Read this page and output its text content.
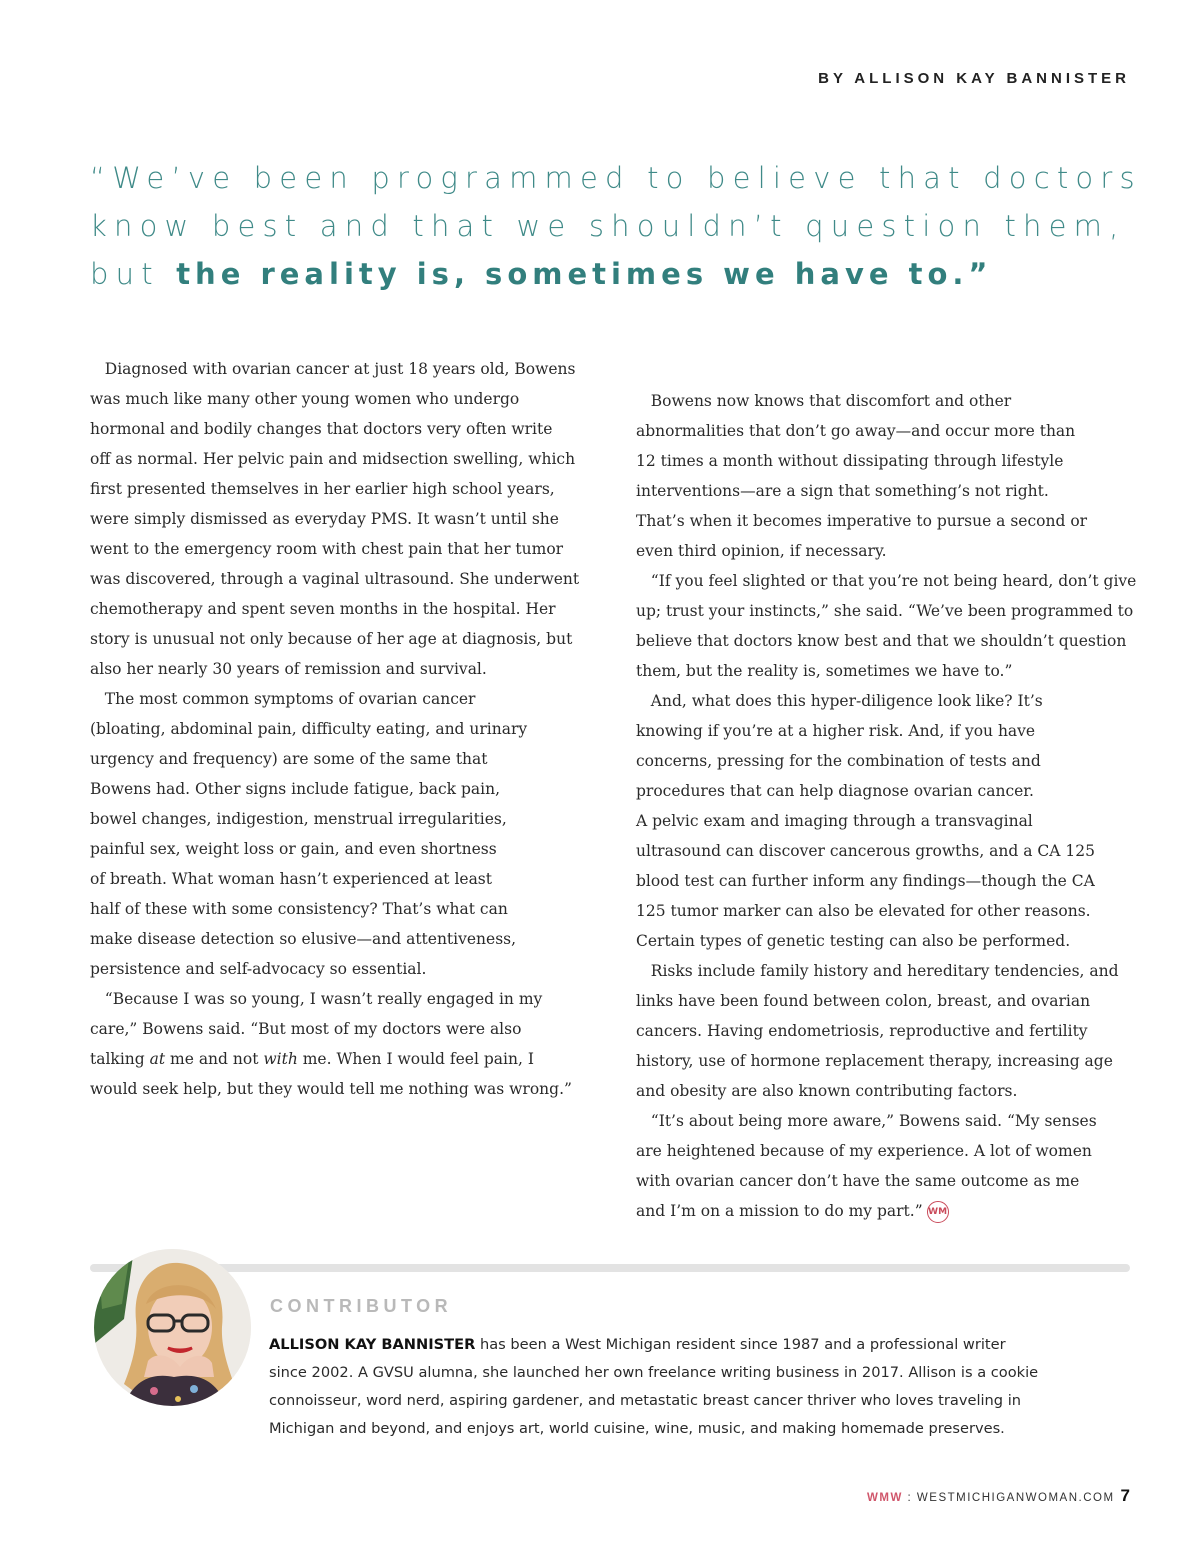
BY ALLISON KAY BANNISTER
“We’ve been programmed to believe that doctors
know best and that we shouldn’t question them,
but the reality is, sometimes we have to.”

Diagnosed with ovarian cancer at just 18 years old, Bowens
was much like many other young women who undergo
hormonal and bodily changes that doctors very often write
off as normal. Her pelvic pain and midsection swelling, which
first presented themselves in her earlier high school years,
were simply dismissed as everyday PMS. It wasn’t until she
went to the emergency room with chest pain that her tumor
was discovered, through a vaginal ultrasound. She underwent
chemotherapy and spent seven months in the hospital. Her
story is unusual not only because of her age at diagnosis, but
also her nearly 30 years of remission and survival.

The most common symptoms of ovarian cancer
(bloating, abdominal pain, difficulty eating, and urinary
urgency and frequency) are some of the same that
Bowens had. Other signs include fatigue, back pain,
bowel changes, indigestion, menstrual irregularities,
painful sex, weight loss or gain, and even shortness
of breath. What woman hasn’t experienced at least
half of these with some consistency? That’s what can
make disease detection so elusive—and attentiveness,
persistence and self-advocacy so essential.

“Because I was so young, I wasn’t really engaged in my
care,” Bowens said. “But most of my doctors were also
talking at me and not with me. When I would feel pain, I
would seek help, but they would tell me nothing was wrong.”

Bowens now knows that discomfort and other
abnormalities that don’t go away—and occur more than
12 times a month without dissipating through lifestyle
interventions—are a sign that something’s not right.
That’s when it becomes imperative to pursue a second or
even third opinion, if necessary.
“If you feel slighted or that you’re not being heard, don’t give
up; trust your instincts,” she said. “We’ve been programmed to
believe that doctors know best and that we shouldn’t question
them, but the reality is, sometimes we have to.”
And, what does this hyper-diligence look like? It’s
knowing if you’re at a higher risk. And, if you have
concerns, pressing for the combination of tests and
procedures that can help diagnose ovarian cancer.
A pelvic exam and imaging through a transvaginal
ultrasound can discover cancerous growths, and a CA 125
blood test can further inform any findings—though the CA
125 tumor marker can also be elevated for other reasons.
Certain types of genetic testing can also be performed.
Risks include family history and hereditary tendencies, and
links have been found between colon, breast, and ovarian
cancers. Having endometriosis, reproductive and fertility
history, use of hormone replacement therapy, increasing age
and obesity are also known contributing factors.
“It’s about being more aware,” Bowens said. “My senses
are heightened because of my experience. A lot of women
with ovarian cancer don’t have the same outcome as me
and I’m on a mission to do my part.” WM

CONTRIBUTOR
ALLISON KAY BANNISTER has been a West Michigan resident since 1987 and a professional writer
since 2002. A GVSU alumna, she launched her own freelance writing business in 2017. Allison is a cookie
connoisseur, word nerd, aspiring gardener, and metastatic breast cancer thriver who loves traveling in
Michigan and beyond, and enjoys art, world cuisine, wine, music, and making homemade preserves.
WMW : WESTMICHIGANWOMAN.COM 7
